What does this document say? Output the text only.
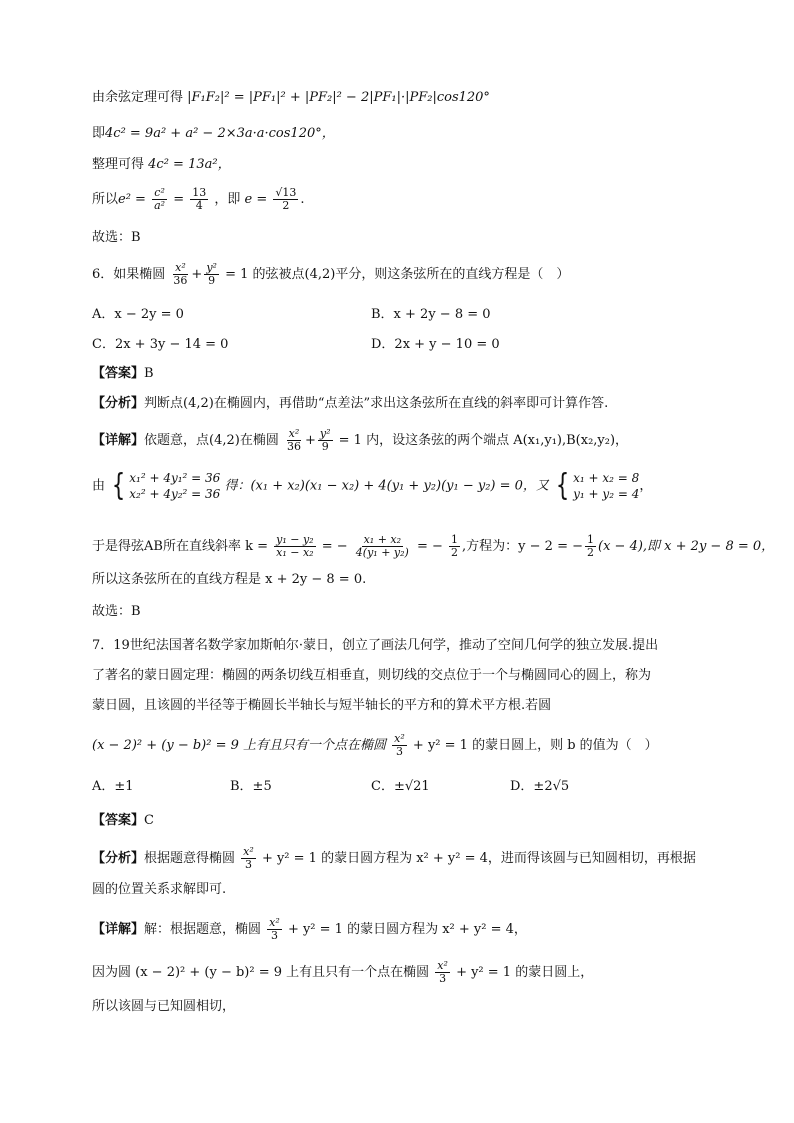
由余弦定理可得 |F₁F₂|² = |PF₁|² + |PF₂|² − 2|PF₁|·|PF₂|cos120°
即4c² = 9a² + a² − 2×3a·a·cos120°，
整理可得 4c² = 13a²，
所以$e^2 = \frac{\text{c²}}{\text{a²}} = \frac{13}{4}$ ，即 $e = \frac{√13}{2}$ .
故选：B
6．如果椭圆 $\frac{\text{x²}}{36} + \frac{\text{y²}}{9} = 1$ 的弦被点(4,2)平分，则这条弦所在的直线方程是（　）
A．x − 2y = 0	B．x + 2y − 8 = 0
C．2x + 3y − 14 = 0	D．2x + y − 10 = 0
【答案】B
【分析】判断点(4,2)在椭圆内，再借助“点差法”求出这条弦所在直线的斜率即可计算作答.
【详解】依题意，点(4,2)在椭圆 $\frac{\text{x²}}{36} + \frac{\text{y²}}{9} = 1$ 内，设这条弦的两个端点 A(x₁,y₁),B(x₂,y₂)，
由 { x₁² + 4y₁² = 36
x₂² + 4y₂² = 36
得：(x₁ + x₂)(x₁ − x₂) + 4(y₁ + y₂)(y₁ − y₂) = 0，又 { x₁ + x₂ = 8
y₁ + y₂ = 4
，
于是得弦AB所在直线斜率 $k = \frac{\text{y₁ − y₂}}{\text{x₁ − x₂}}$ = − $\frac{\text{x₁ + x₂}}{\text{4(y₁ + y₂)}}$ = − $\frac{1}{2}$ ,方程为：y − 2 = − $\frac{1}{2} (x - 4)$,即 x + 2y − 8 = 0，
所以这条弦所在的直线方程是 x + 2y − 8 = 0.
故选：B
7．19世纪法国著名数学家加斯帕尔·蒙日，创立了画法几何学，推动了空间几何学的独立发展.提出
了著名的蒙日圆定理：椭圆的两条切线互相垂直，则切线的交点位于一个与椭圆同心的圆上，称为
蒙日圆，且该圆的半径等于椭圆长半轴长与短半轴长的平方和的算术平方根.若圆
(x − 2)² + (y − b)² = 9 上有且只有一个点在椭圆 $\frac{\text{x²}}{3} + y^2 = 1$ 的蒙日圆上，则 b 的值为（　）
A．±1	B．±5	C．±√21	D．±2√5
【答案】C
【分析】根据题意得椭圆 $\frac{\text{x²}}{3} + y^2 = 1$ 的蒙日圆方程为 x² + y² = 4，进而得该圆与已知圆相切，再根据
圆的位置关系求解即可.
【详解】解：根据题意，椭圆 $\frac{\text{x²}}{3} + y^2 = 1$ 的蒙日圆方程为 x² + y² = 4，
因为圆 (x − 2)² + (y − b)² = 9 上有且只有一个点在椭圆 $\frac{\text{x²}}{3} + y^2 = 1$ 的蒙日圆上，
所以该圆与已知圆相切，
